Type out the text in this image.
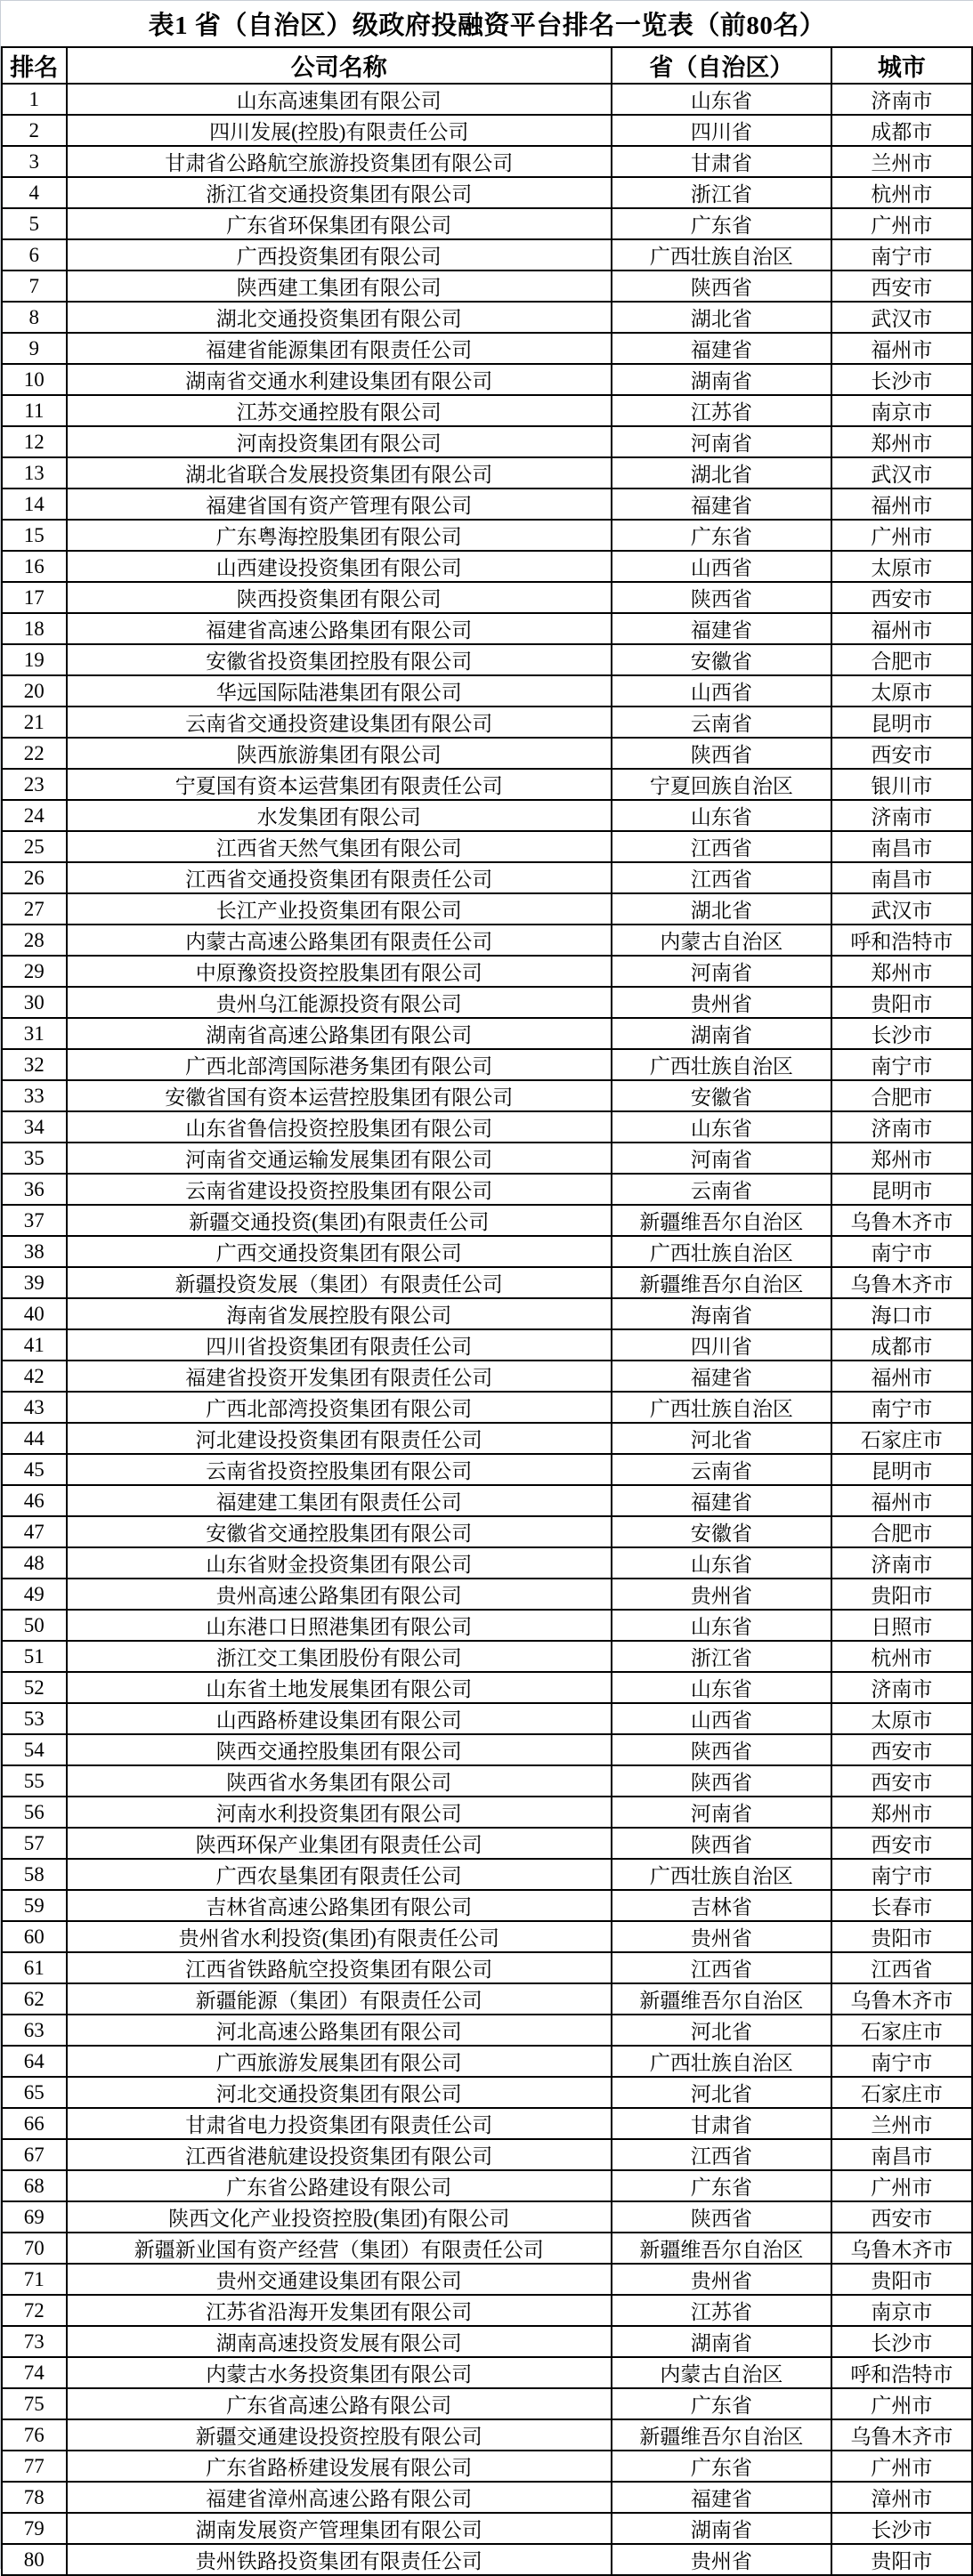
表1 省（自治区）级政府投融资平台排名一览表（前80名）
排名	公司名称	省（自治区）	城市
1	山东高速集团有限公司	山东省	济南市
2	四川发展(控股)有限责任公司	四川省	成都市
3	甘肃省公路航空旅游投资集团有限公司	甘肃省	兰州市
4	浙江省交通投资集团有限公司	浙江省	杭州市
5	广东省环保集团有限公司	广东省	广州市
6	广西投资集团有限公司	广西壮族自治区	南宁市
7	陕西建工集团有限公司	陕西省	西安市
8	湖北交通投资集团有限公司	湖北省	武汉市
9	福建省能源集团有限责任公司	福建省	福州市
10	湖南省交通水利建设集团有限公司	湖南省	长沙市
11	江苏交通控股有限公司	江苏省	南京市
12	河南投资集团有限公司	河南省	郑州市
13	湖北省联合发展投资集团有限公司	湖北省	武汉市
14	福建省国有资产管理有限公司	福建省	福州市
15	广东粤海控股集团有限公司	广东省	广州市
16	山西建设投资集团有限公司	山西省	太原市
17	陕西投资集团有限公司	陕西省	西安市
18	福建省高速公路集团有限公司	福建省	福州市
19	安徽省投资集团控股有限公司	安徽省	合肥市
20	华远国际陆港集团有限公司	山西省	太原市
21	云南省交通投资建设集团有限公司	云南省	昆明市
22	陕西旅游集团有限公司	陕西省	西安市
23	宁夏国有资本运营集团有限责任公司	宁夏回族自治区	银川市
24	水发集团有限公司	山东省	济南市
25	江西省天然气集团有限公司	江西省	南昌市
26	江西省交通投资集团有限责任公司	江西省	南昌市
27	长江产业投资集团有限公司	湖北省	武汉市
28	内蒙古高速公路集团有限责任公司	内蒙古自治区	呼和浩特市
29	中原豫资投资控股集团有限公司	河南省	郑州市
30	贵州乌江能源投资有限公司	贵州省	贵阳市
31	湖南省高速公路集团有限公司	湖南省	长沙市
32	广西北部湾国际港务集团有限公司	广西壮族自治区	南宁市
33	安徽省国有资本运营控股集团有限公司	安徽省	合肥市
34	山东省鲁信投资控股集团有限公司	山东省	济南市
35	河南省交通运输发展集团有限公司	河南省	郑州市
36	云南省建设投资控股集团有限公司	云南省	昆明市
37	新疆交通投资(集团)有限责任公司	新疆维吾尔自治区	乌鲁木齐市
38	广西交通投资集团有限公司	广西壮族自治区	南宁市
39	新疆投资发展（集团）有限责任公司	新疆维吾尔自治区	乌鲁木齐市
40	海南省发展控股有限公司	海南省	海口市
41	四川省投资集团有限责任公司	四川省	成都市
42	福建省投资开发集团有限责任公司	福建省	福州市
43	广西北部湾投资集团有限公司	广西壮族自治区	南宁市
44	河北建设投资集团有限责任公司	河北省	石家庄市
45	云南省投资控股集团有限公司	云南省	昆明市
46	福建建工集团有限责任公司	福建省	福州市
47	安徽省交通控股集团有限公司	安徽省	合肥市
48	山东省财金投资集团有限公司	山东省	济南市
49	贵州高速公路集团有限公司	贵州省	贵阳市
50	山东港口日照港集团有限公司	山东省	日照市
51	浙江交工集团股份有限公司	浙江省	杭州市
52	山东省土地发展集团有限公司	山东省	济南市
53	山西路桥建设集团有限公司	山西省	太原市
54	陕西交通控股集团有限公司	陕西省	西安市
55	陕西省水务集团有限公司	陕西省	西安市
56	河南水利投资集团有限公司	河南省	郑州市
57	陕西环保产业集团有限责任公司	陕西省	西安市
58	广西农垦集团有限责任公司	广西壮族自治区	南宁市
59	吉林省高速公路集团有限公司	吉林省	长春市
60	贵州省水利投资(集团)有限责任公司	贵州省	贵阳市
61	江西省铁路航空投资集团有限公司	江西省	江西省
62	新疆能源（集团）有限责任公司	新疆维吾尔自治区	乌鲁木齐市
63	河北高速公路集团有限公司	河北省	石家庄市
64	广西旅游发展集团有限公司	广西壮族自治区	南宁市
65	河北交通投资集团有限公司	河北省	石家庄市
66	甘肃省电力投资集团有限责任公司	甘肃省	兰州市
67	江西省港航建设投资集团有限公司	江西省	南昌市
68	广东省公路建设有限公司	广东省	广州市
69	陕西文化产业投资控股(集团)有限公司	陕西省	西安市
70	新疆新业国有资产经营（集团）有限责任公司	新疆维吾尔自治区	乌鲁木齐市
71	贵州交通建设集团有限公司	贵州省	贵阳市
72	江苏省沿海开发集团有限公司	江苏省	南京市
73	湖南高速投资发展有限公司	湖南省	长沙市
74	内蒙古水务投资集团有限公司	内蒙古自治区	呼和浩特市
75	广东省高速公路有限公司	广东省	广州市
76	新疆交通建设投资控股有限公司	新疆维吾尔自治区	乌鲁木齐市
77	广东省路桥建设发展有限公司	广东省	广州市
78	福建省漳州高速公路有限公司	福建省	漳州市
79	湖南发展资产管理集团有限公司	湖南省	长沙市
80	贵州铁路投资集团有限责任公司	贵州省	贵阳市
